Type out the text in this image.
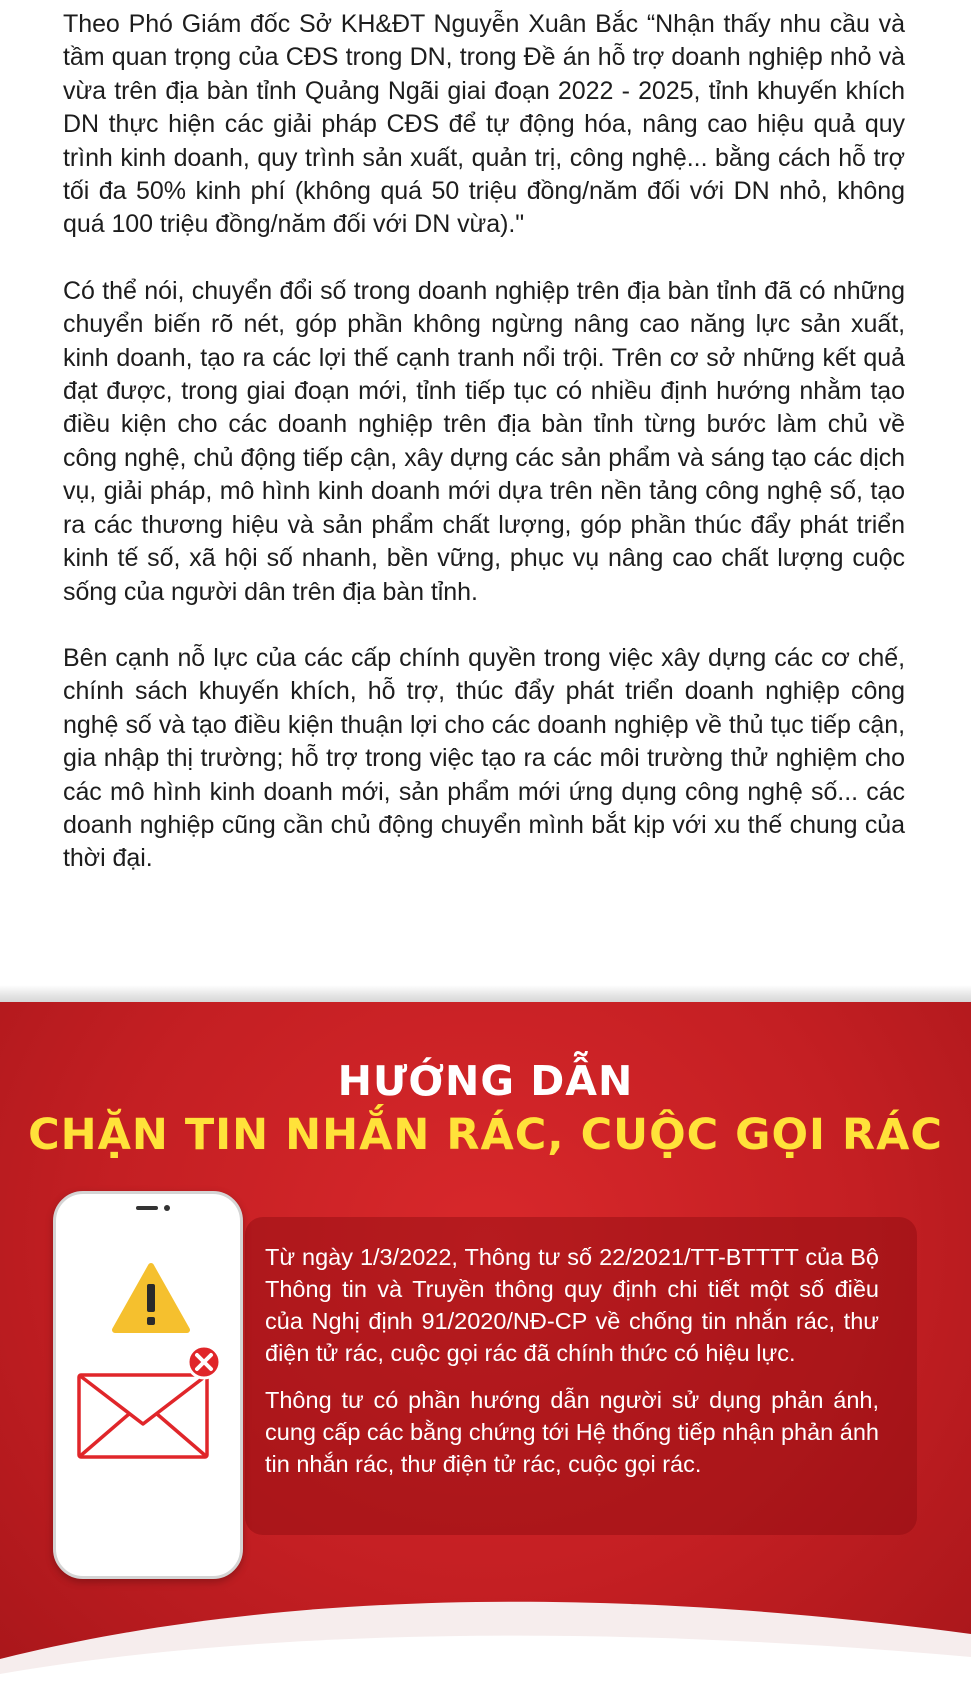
Theo Phó Giám đốc Sở KH&ĐT Nguyễn Xuân Bắc “Nhận thấy nhu cầu và tầm quan trọng của CĐS trong DN, trong Đề án hỗ trợ doanh nghiệp nhỏ và vừa trên địa bàn tỉnh Quảng Ngãi giai đoạn 2022 - 2025, tỉnh khuyến khích DN thực hiện các giải pháp CĐS để tự động hóa, nâng cao hiệu quả quy trình kinh doanh, quy trình sản xuất, quản trị, công nghệ... bằng cách hỗ trợ tối đa 50% kinh phí (không quá 50 triệu đồng/năm đối với DN nhỏ, không quá 100 triệu đồng/năm đối với DN vừa)."

Có thể nói, chuyển đổi số trong doanh nghiệp trên địa bàn tỉnh đã có những chuyển biến rõ nét, góp phần không ngừng nâng cao năng lực sản xuất, kinh doanh, tạo ra các lợi thế cạnh tranh nổi trội. Trên cơ sở những kết quả đạt được, trong giai đoạn mới, tỉnh tiếp tục có nhiều định hướng nhằm tạo điều kiện cho các doanh nghiệp trên địa bàn tỉnh từng bước làm chủ về công nghệ, chủ động tiếp cận, xây dựng các sản phẩm và sáng tạo các dịch vụ, giải pháp, mô hình kinh doanh mới dựa trên nền tảng công nghệ số, tạo ra các thương hiệu và sản phẩm chất lượng, góp phần thúc đẩy phát triển kinh tế số, xã hội số nhanh, bền vững, phục vụ nâng cao chất lượng cuộc sống của người dân trên địa bàn tỉnh.

Bên cạnh nỗ lực của các cấp chính quyền trong việc xây dựng các cơ chế, chính sách khuyến khích, hỗ trợ, thúc đẩy phát triển doanh nghiệp công nghệ số và tạo điều kiện thuận lợi cho các doanh nghiệp về thủ tục tiếp cận, gia nhập thị trường; hỗ trợ trong việc tạo ra các môi trường thử nghiệm cho các mô hình kinh doanh mới, sản phẩm mới ứng dụng công nghệ số... các doanh nghiệp cũng cần chủ động chuyển mình bắt kịp với xu thế chung của thời đại.

HƯỚNG DẪN
CHẶN TIN NHẮN RÁC, CUỘC GỌI RÁC

Từ ngày 1/3/2022, Thông tư số 22/2021/TT-BTTTT của Bộ Thông tin và Truyền thông quy định chi tiết một số điều của Nghị định 91/2020/NĐ-CP về chống tin nhắn rác, thư điện tử rác, cuộc gọi rác đã chính thức có hiệu lực.

Thông tư có phần hướng dẫn người sử dụng phản ánh, cung cấp các bằng chứng tới Hệ thống tiếp nhận phản ánh tin nhắn rác, thư điện tử rác, cuộc gọi rác.
